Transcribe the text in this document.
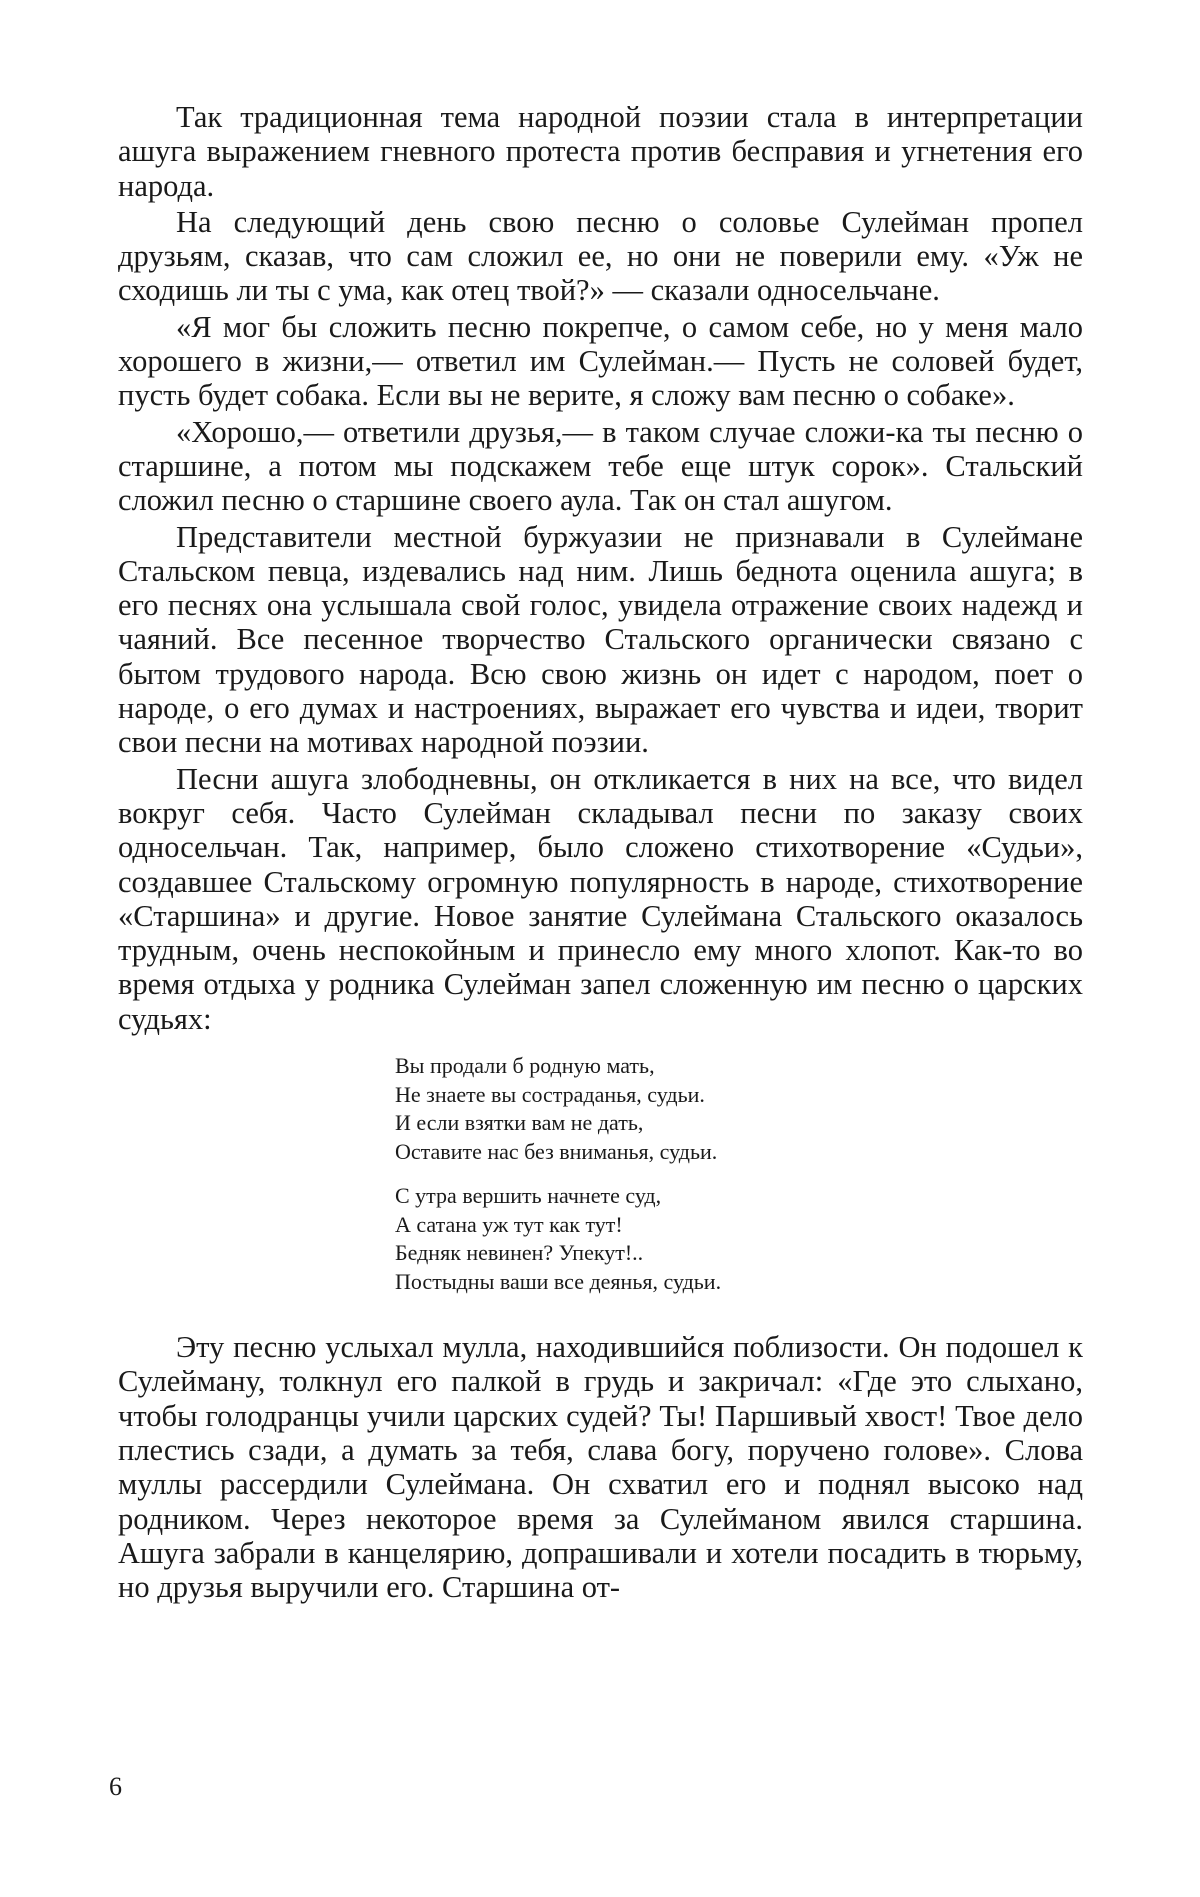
Так традиционная тема народной поэзии стала в интерпретации ашуга выражением гневного протеста против бесправия и угнетения его народа.

На следующий день свою песню о соловье Сулейман пропел друзьям, сказав, что сам сложил ее, но они не поверили ему. «Уж не сходишь ли ты с ума, как отец твой?» — сказали односельчане.

«Я мог бы сложить песню покрепче, о самом себе, но у меня мало хорошего в жизни,— ответил им Сулейман.— Пусть не соловей будет, пусть будет собака. Если вы не верите, я сложу вам песню о собаке».

«Хорошо,— ответили друзья,— в таком случае сложи-ка ты песню о старшине, а потом мы подскажем тебе еще штук сорок». Стальский сложил песню о старшине своего аула. Так он стал ашугом.

Представители местной буржуазии не признавали в Сулеймане Стальском певца, издевались над ним. Лишь беднота оценила ашуга; в его песнях она услышала свой голос, увидела отражение своих надежд и чаяний. Все песенное творчество Стальского органически связано с бытом трудового народа. Всю свою жизнь он идет с народом, поет о народе, о его думах и настроениях, выражает его чувства и идеи, творит свои песни на мотивах народной поэзии.

Песни ашуга злободневны, он откликается в них на все, что видел вокруг себя. Часто Сулейман складывал песни по заказу своих односельчан. Так, например, было сложено стихотворение «Судьи», создавшее Стальскому огромную популярность в народе, стихотворение «Старшина» и другие. Новое занятие Сулеймана Стальского оказалось трудным, очень неспокойным и принесло ему много хлопот. Как-то во время отдыха у родника Сулейман запел сложенную им песню о царских судьях:

Вы продали б родную мать,
Не знаете вы состраданья, судьи.
И если взятки вам не дать,
Оставите нас без вниманья, судьи.
С утра вершить начнете суд,
А сатана уж тут как тут!
Бедняк невинен? Упекут!..
Постыдны ваши все деянья, судьи.

Эту песню услыхал мулла, находившийся поблизости. Он подошел к Сулейману, толкнул его палкой в грудь и закричал: «Где это слыхано, чтобы голодранцы учили царских судей? Ты! Паршивый хвост! Твое дело плестись сзади, а думать за тебя, слава богу, поручено голове». Слова муллы рассердили Сулеймана. Он схватил его и поднял высоко над родником. Через некоторое время за Сулейманом явился старшина. Ашуга забрали в канцелярию, допрашивали и хотели посадить в тюрьму, но друзья выручили его. Старшина от-

6
